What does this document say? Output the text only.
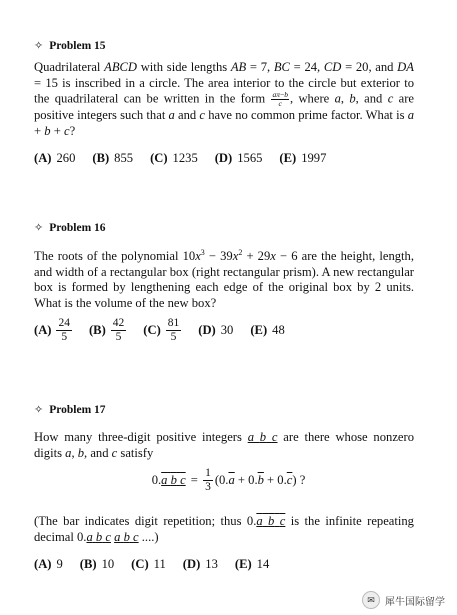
✧ Problem 15

Quadrilateral ABCD with side lengths AB = 7, BC = 24, CD = 20, and DA = 15 is inscribed in a circle. The area interior to the circle but exterior to the quadrilateral can be written in the form $\frac{a\pi-b}{c}$ , where a, b, and c are positive integers such that a and c have no common prime factor. What is a + b + c?

(A) 260 (B) 855 (C) 1235 (D) 1565 (E) 1997
✧ Problem 16

The roots of the polynomial $10x^3 - 39x^2 + 29x - 6$ are the height, length, and width of a rectangular box (right rectangular prism). A new rectangular box is formed by lengthening each edge of the original box by 2 units. What is the volume of the new box?

$(A) \frac{24}{5} (B) \frac{42}{5} (C) \frac{81}{5} (D)$ 30 (E) 48
✧ Problem 17

How many three-digit positive integers a b c are there whose nonzero digits a, b, and c satisfy

0.a b $c = \frac{1}{3} (0.\overline{a} + 0.\overline{b} + 0.\overline{c})$ ?

(The bar indicates digit repetition; thus 0.a b c is the infinite repeating decimal 0.a b c a b c ....)

(A) 9 (B) 10 (C) 11 (D) 13 (E) 14
✉	犀牛国际留学
